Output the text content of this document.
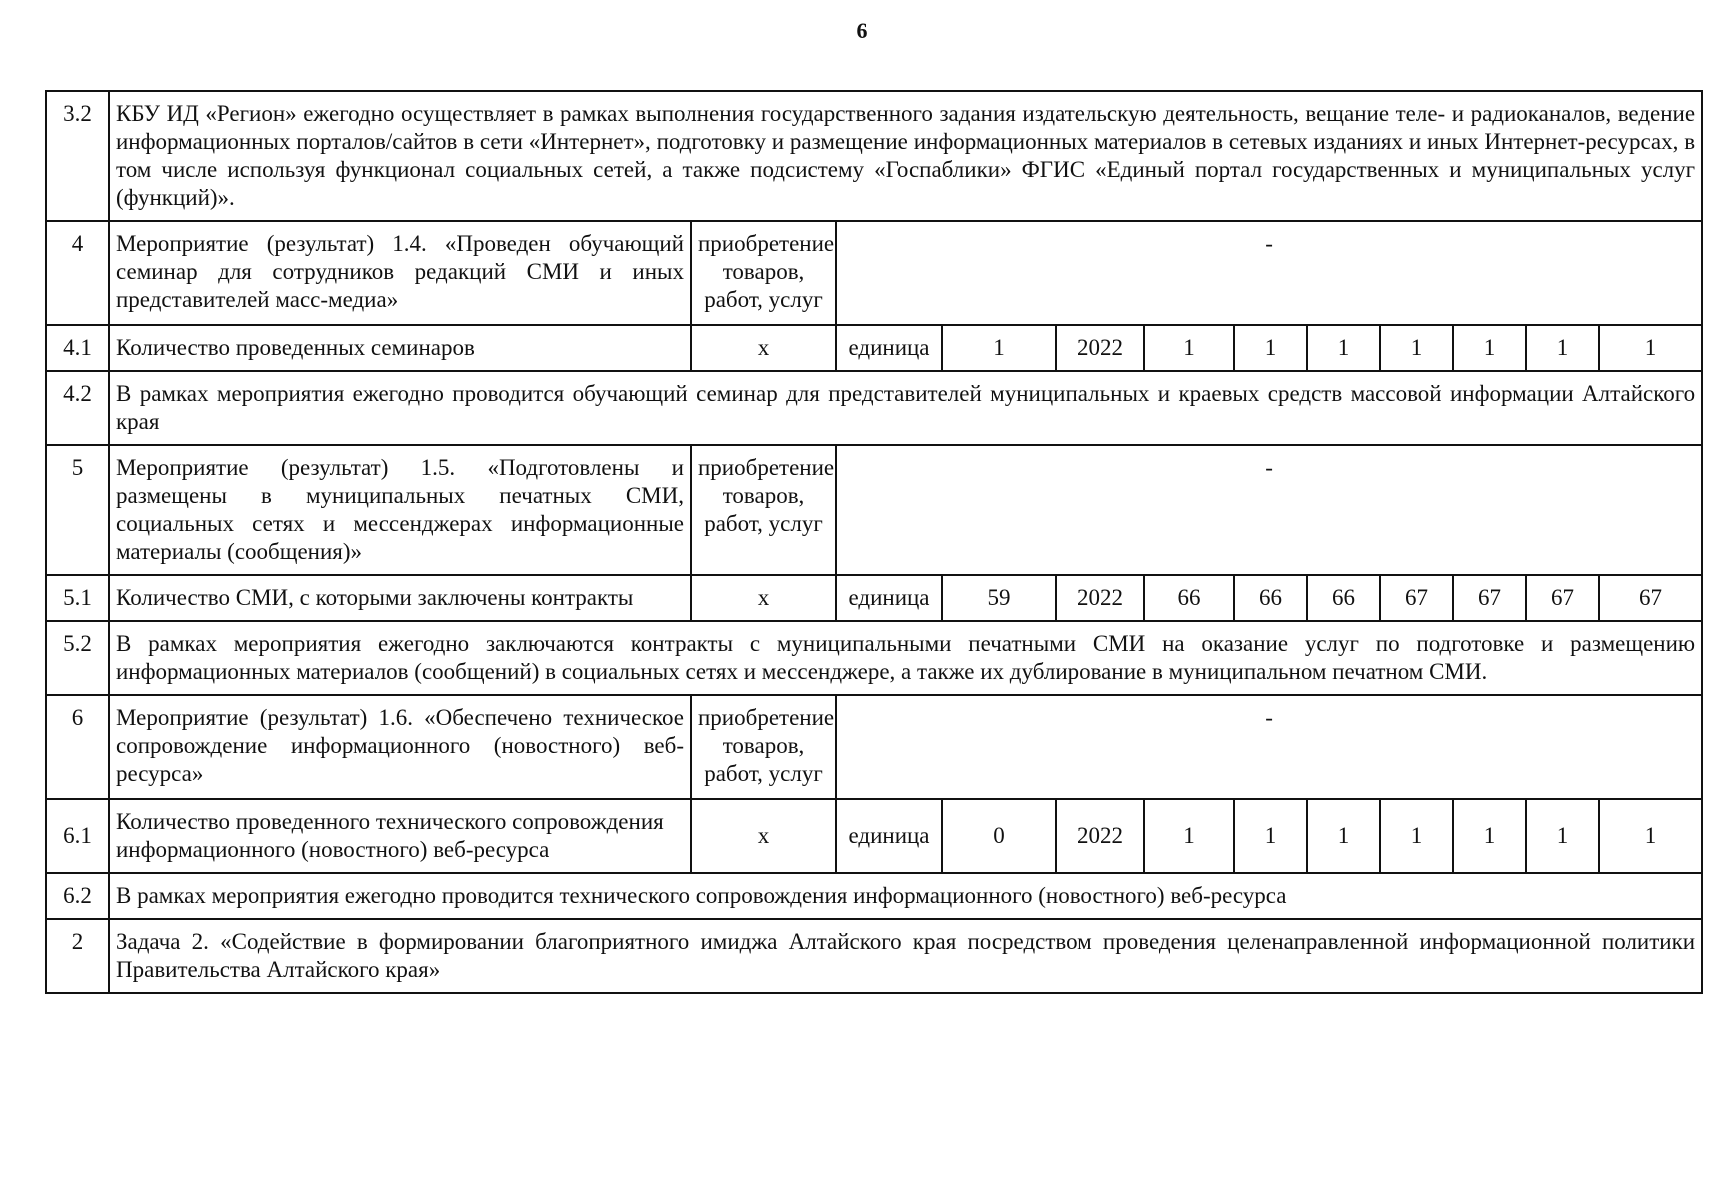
6
3.2	КБУ ИД «Регион» ежегодно осуществляет в рамках выполнения государственного задания издательскую деятельность, вещание теле- и радиоканалов, ведение информационных порталов/сайтов в сети «Интернет», подготовку и размещение информационных материалов в сетевых изданиях и иных Интернет-ресурсах, в том числе используя функционал социальных сетей, а также подсистему «Госпаблики» ФГИС «Единый портал государственных и муниципальных услуг (функций)».											
4	Мероприятие (результат) 1.4. «Проведен обучающий семинар для сотрудников редакций СМИ и иных представителей масс-медиа»	приобретение товаров, работ, услуг	-									
4.1	Количество проведенных семинаров	x	единица	1	2022	1	1	1	1	1	1	1
4.2	В рамках мероприятия ежегодно проводится обучающий семинар для представителей муниципальных и краевых средств массовой информации Алтайского края											
5	Мероприятие (результат) 1.5. «Подготовлены и размещены в муниципальных печатных СМИ, социальных сетях и мессенджерах информационные материалы (сообщения)»	приобретение товаров, работ, услуг	-									
5.1	Количество СМИ, с которыми заключены контракты	x	единица	59	2022	66	66	66	67	67	67	67
5.2	В рамках мероприятия ежегодно заключаются контракты с муниципальными печатными СМИ на оказание услуг по подготовке и размещению информационных материалов (сообщений) в социальных сетях и мессенджере, а также их дублирование в муниципальном печатном СМИ.											
6	Мероприятие (результат) 1.6. «Обеспечено техническое сопровождение информационного (новостного) веб-ресурса»	приобретение товаров, работ, услуг	-									
6.1	Количество проведенного технического сопровождения информационного (новостного) веб-ресурса	x	единица	0	2022	1	1	1	1	1	1	1
6.2	В рамках мероприятия ежегодно проводится технического сопровождения информационного (новостного) веб-ресурса											
2	Задача 2. «Содействие в формировании благоприятного имиджа Алтайского края посредством проведения целенаправленной информационной политики Правительства Алтайского края»											
